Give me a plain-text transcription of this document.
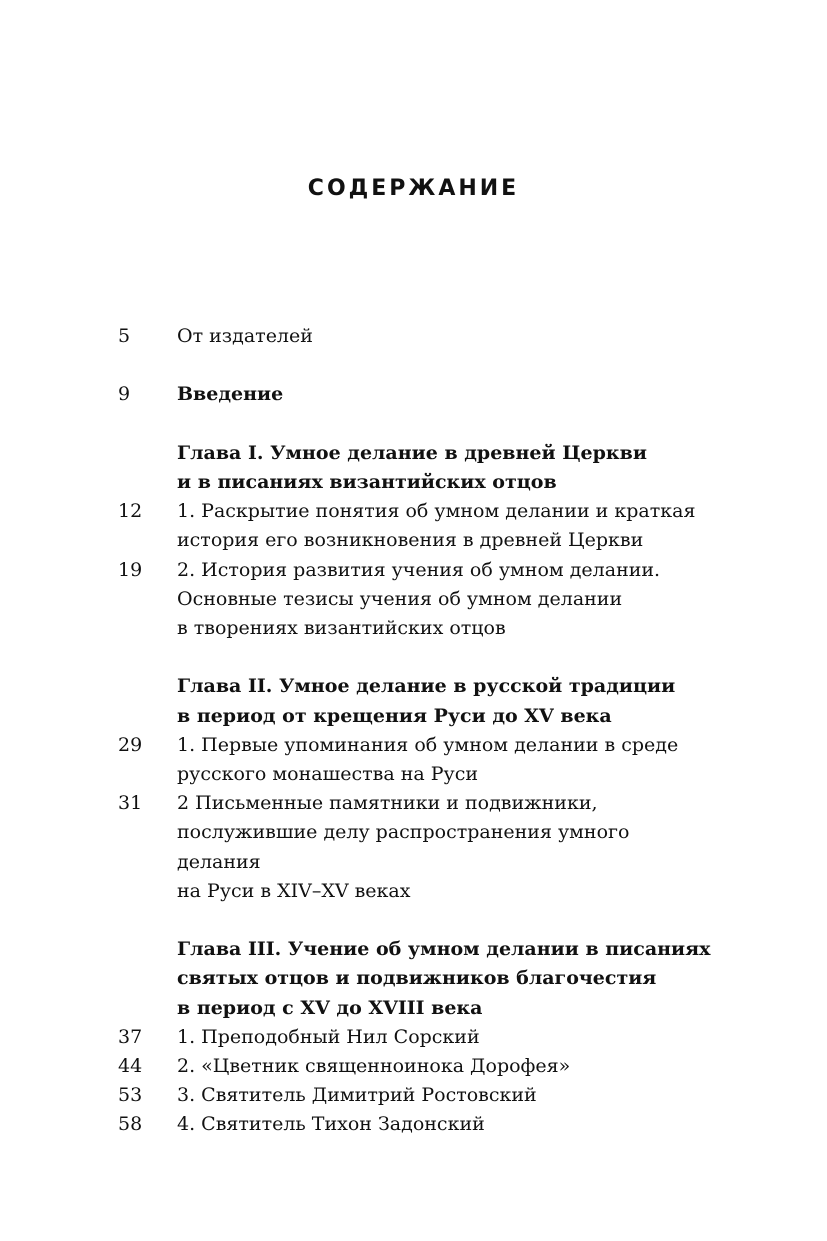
СОДЕРЖАНИЕ
5 От издателей
9 Введение
Глава I. Умное делание в древней Церкви
и в писаниях византийских отцов
12 1. Раскрытие понятия об умном делании и краткая
история его возникновения в древней Церкви
19 2. История развития учения об умном делании.
Основные тезисы учения об умном делании
в творениях византийских отцов
Глава II. Умное делание в русской традиции
в период от крещения Руси до XV века
29 1. Первые упоминания об умном делании в среде
русского монашества на Руси
31 2 Письменные памятники и подвижники,
послужившие делу распространения умного делания
на Руси в XIV–XV веках
Глава III. Учение об умном делании в писаниях
святых отцов и подвижников благочестия
в период с XV до XVIII века
37 1. Преподобный Нил Сорский
44 2. «Цветник священноинока Дорофея»
53 3. Святитель Димитрий Ростовский
58 4. Святитель Тихон Задонский
